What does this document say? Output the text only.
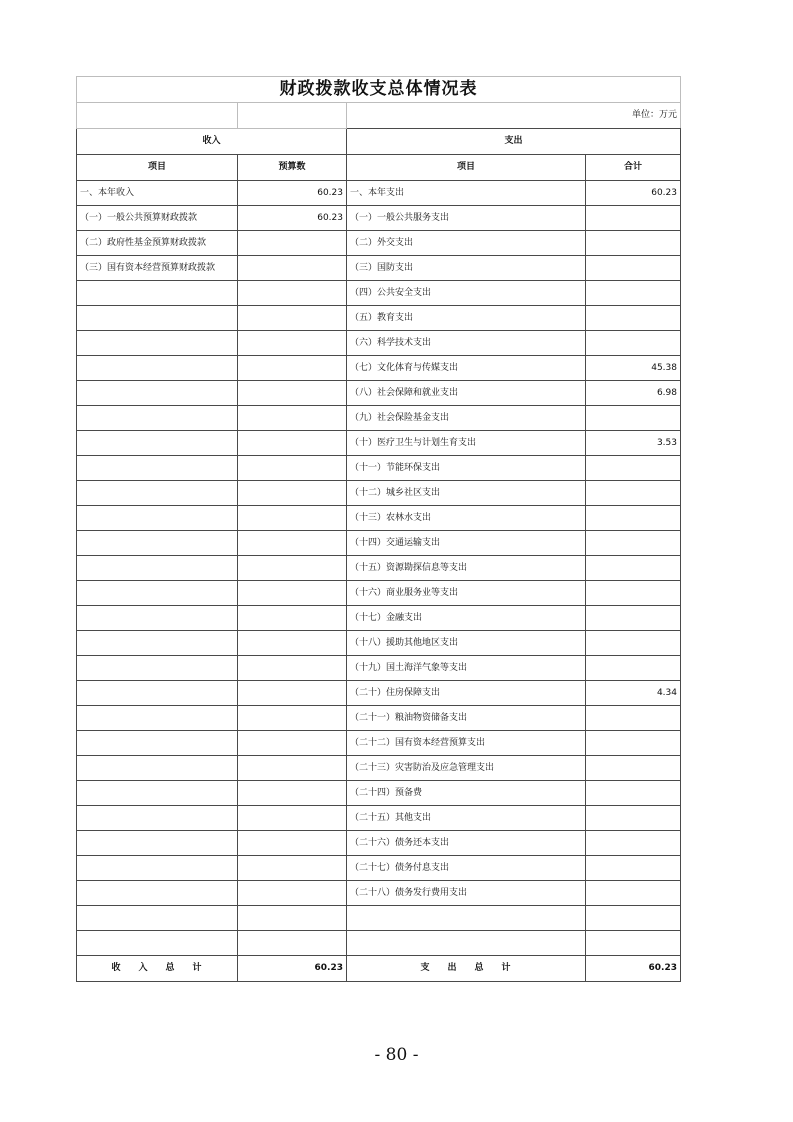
财政拨款收支总体情况表			
		单位：万元	
收入		支出	
项目	预算数	项目	合计
一、本年收入	60.23	一、本年支出	60.23
（一）一般公共预算财政拨款	60.23	（一）一般公共服务支出	
（二）政府性基金预算财政拨款		（二）外交支出	
（三）国有资本经营预算财政拨款		（三）国防支出	
		（四）公共安全支出	
		（五）教育支出	
		（六）科学技术支出	
		（七）文化体育与传媒支出	45.38
		（八）社会保障和就业支出	6.98
		（九）社会保险基金支出	
		（十）医疗卫生与计划生育支出	3.53
		（十一）节能环保支出	
		（十二）城乡社区支出	
		（十三）农林水支出	
		（十四）交通运输支出	
		（十五）资源勘探信息等支出	
		（十六）商业服务业等支出	
		（十七）金融支出	
		（十八）援助其他地区支出	
		（十九）国土海洋气象等支出	
		（二十）住房保障支出	4.34
		（二十一）粮油物资储备支出	
		（二十二）国有资本经营预算支出	
		（二十三）灾害防治及应急管理支出	
		（二十四）预备费	
		（二十五）其他支出	
		（二十六）债务还本支出	
		（二十七）债务付息支出	
		（二十八）债务发行费用支出	

收入总计	60.23	支出总计	60.23
- 80 -
